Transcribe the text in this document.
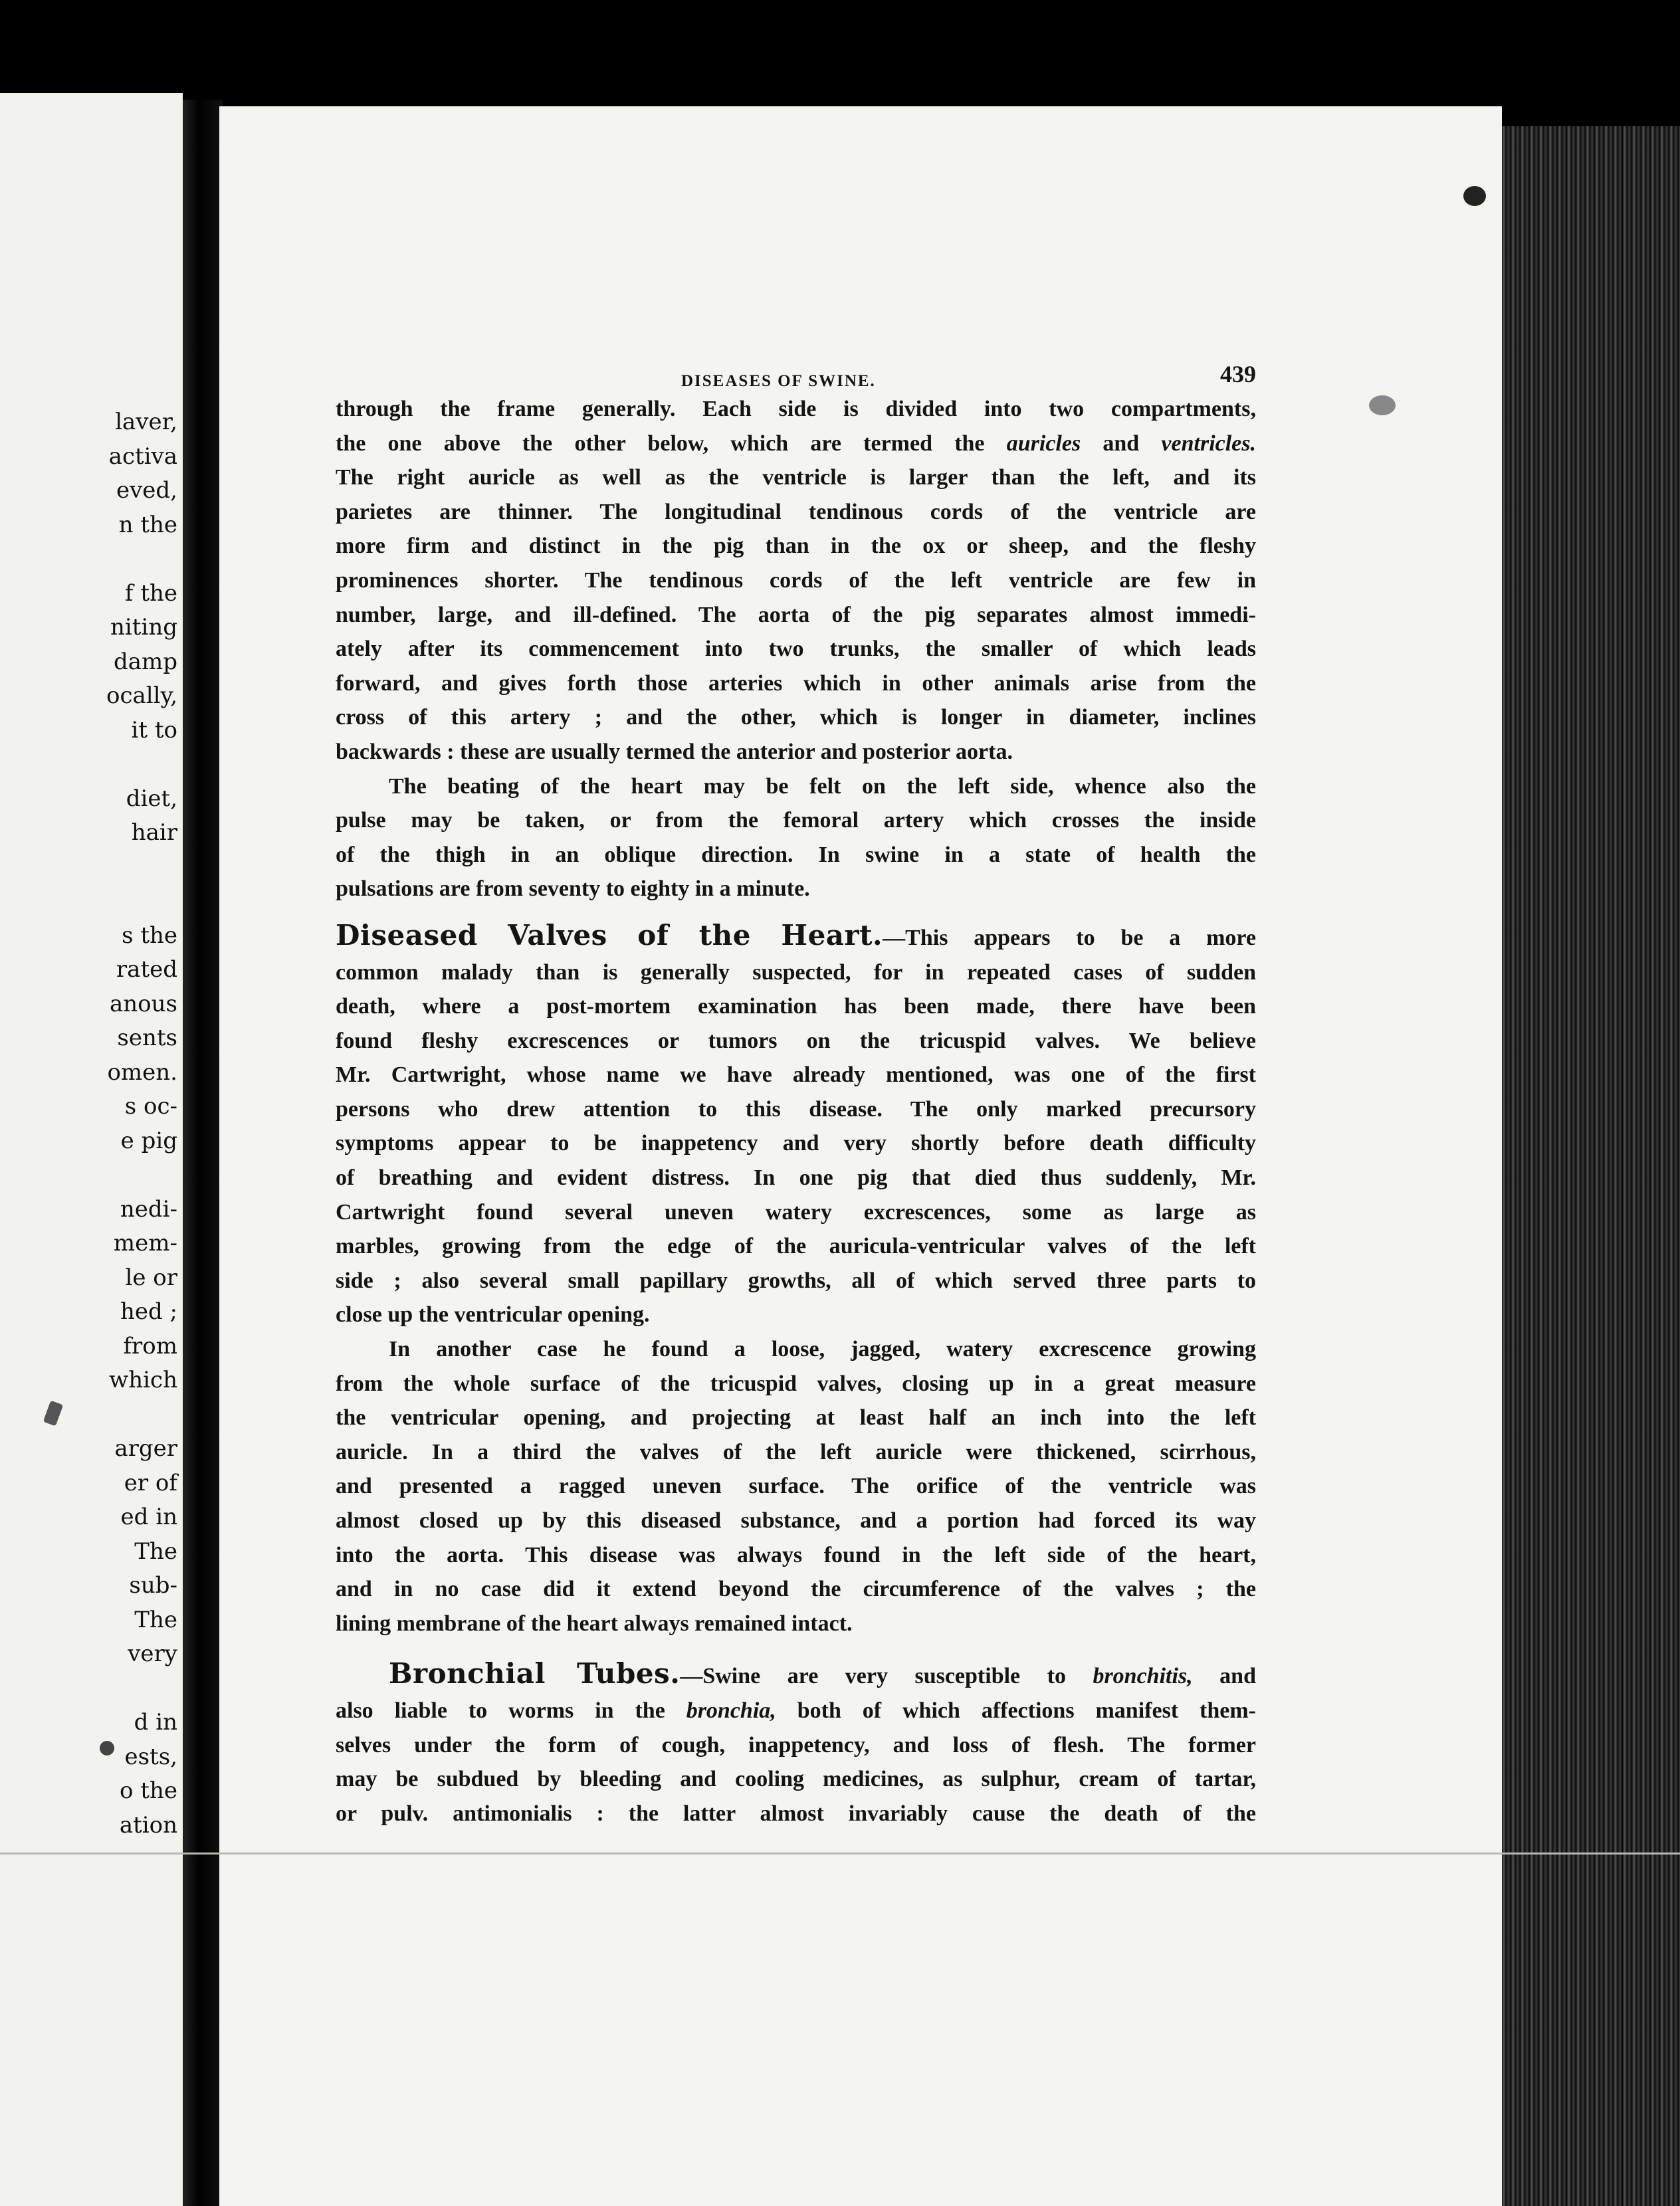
laver,
activa
eved,
n the
f the
niting
damp
ocally,
it to
diet,
hair
s the
rated
anous
sents
omen.
s oc-
e pig
nedi-
mem-
le or
hed ;
from
which
arger
er of
ed in
The
sub-
The
very
d in
ests,
o the
ation
DISEASES OF SWINE.	439

through the frame generally. Each side is divided into two compartments,

the one above the other below, which are termed the auricles and ventricles.

The right auricle as well as the ventricle is larger than the left, and its

parietes are thinner. The longitudinal tendinous cords of the ventricle are

more firm and distinct in the pig than in the ox or sheep, and the fleshy

prominences shorter. The tendinous cords of the left ventricle are few in

number, large, and ill-defined. The aorta of the pig separates almost immedi-

ately after its commencement into two trunks, the smaller of which leads

forward, and gives forth those arteries which in other animals arise from the

cross of this artery ; and the other, which is longer in diameter, inclines

backwards : these are usually termed the anterior and posterior aorta.

The beating of the heart may be felt on the left side, whence also the

pulse may be taken, or from the femoral artery which crosses the inside

of the thigh in an oblique direction. In swine in a state of health the

pulsations are from seventy to eighty in a minute.

Diseased Valves of the Heart.—This appears to be a more

common malady than is generally suspected, for in repeated cases of sudden

death, where a post-mortem examination has been made, there have been

found fleshy excrescences or tumors on the tricuspid valves. We believe

Mr. Cartwright, whose name we have already mentioned, was one of the first

persons who drew attention to this disease. The only marked precursory

symptoms appear to be inappetency and very shortly before death difficulty

of breathing and evident distress. In one pig that died thus suddenly, Mr.

Cartwright found several uneven watery excrescences, some as large as

marbles, growing from the edge of the auricula-ventricular valves of the left

side ; also several small papillary growths, all of which served three parts to

close up the ventricular opening.

In another case he found a loose, jagged, watery excrescence growing

from the whole surface of the tricuspid valves, closing up in a great measure

the ventricular opening, and projecting at least half an inch into the left

auricle. In a third the valves of the left auricle were thickened, scirrhous,

and presented a ragged uneven surface. The orifice of the ventricle was

almost closed up by this diseased substance, and a portion had forced its way

into the aorta. This disease was always found in the left side of the heart,

and in no case did it extend beyond the circumference of the valves ; the

lining membrane of the heart always remained intact.

Bronchial Tubes.—Swine are very susceptible to bronchitis, and

also liable to worms in the bronchia, both of which affections manifest them-

selves under the form of cough, inappetency, and loss of flesh. The former

may be subdued by bleeding and cooling medicines, as sulphur, cream of tartar,

or pulv. antimonialis : the latter almost invariably cause the death of the
